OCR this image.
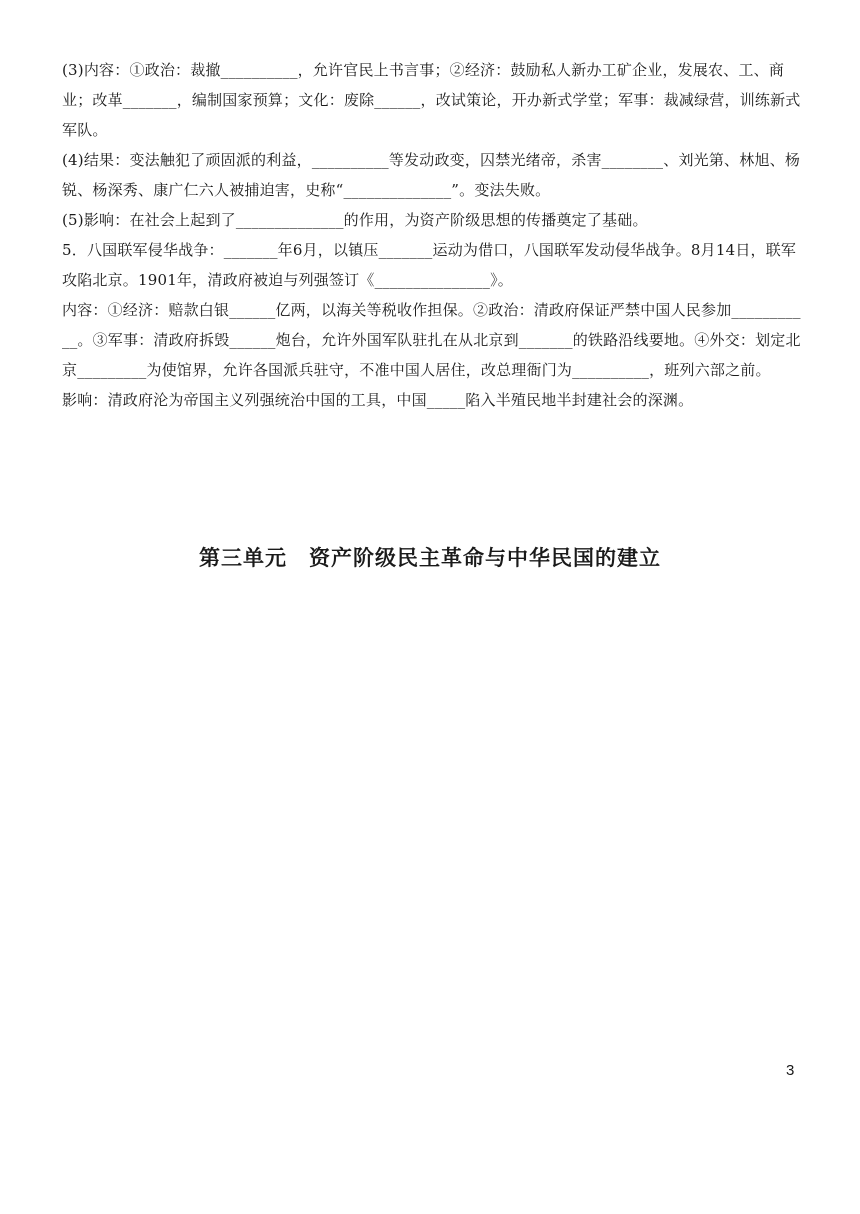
(3)内容：①政治：裁撤__________，允许官民上书言事；②经济：鼓励私人新办工矿企业，发展农、工、商业；改革_______，编制国家预算；文化：废除______，改试策论，开办新式学堂；军事：裁减绿营，训练新式军队。

(4)结果：变法触犯了顽固派的利益，__________等发动政变，囚禁光绪帝，杀害________、刘光第、林旭、杨锐、杨深秀、康广仁六人被捕迫害，史称“______________”。变法失败。

(5)影响：在社会上起到了______________的作用，为资产阶级思想的传播奠定了基础。

5．八国联军侵华战争：_______年6月，以镇压_______运动为借口，八国联军发动侵华战争。8月14日，联军攻陷北京。1901年，清政府被迫与列强签订《_______________》。

内容：①经济：赔款白银______亿两，以海关等税收作担保。②政治：清政府保证严禁中国人民参加___________。③军事：清政府拆毁______炮台，允许外国军队驻扎在从北京到_______的铁路沿线要地。④外交：划定北京_________为使馆界，允许各国派兵驻守，不准中国人居住，改总理衙门为__________，班列六部之前。

影响：清政府沦为帝国主义列强统治中国的工具，中国_____陷入半殖民地半封建社会的深渊。

第三单元　资产阶级民主革命与中华民国的建立
3
